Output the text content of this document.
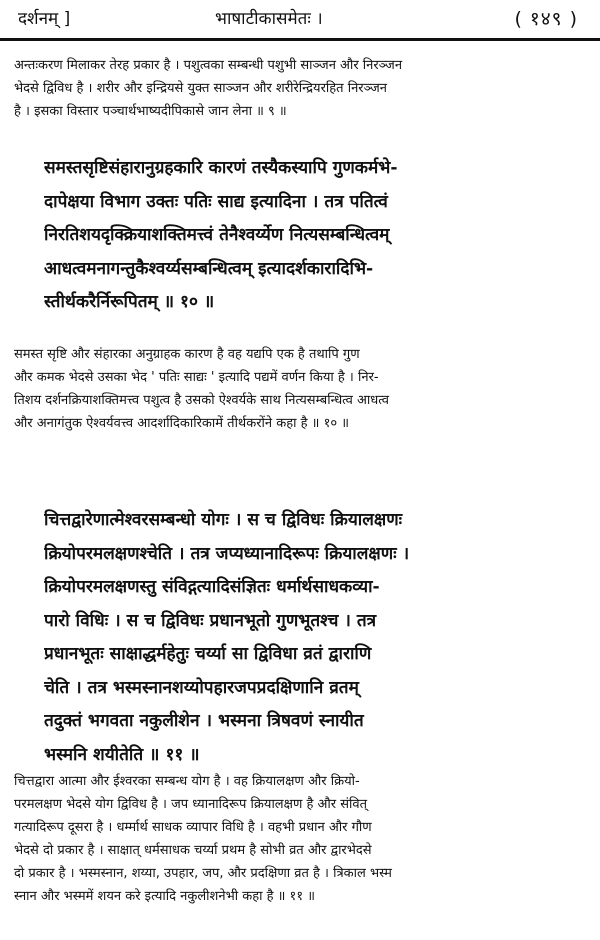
दर्शनम् ]	भाषाटीकासमेतः ।	( १४९ )
अन्तःकरण मिलाकर तेरह प्रकार है । पशुत्वका सम्बन्धी पशुभी साञ्जन और निरञ्जन
भेदसे द्विविध है । शरीर और इन्द्रियसे युक्त साञ्जन और शरीरेन्द्रियरहित निरञ्जन
है । इसका विस्तार पञ्चार्थभाष्यदीपिकासे जान लेना ॥ ९ ॥
समस्तसृष्टिसंहारानुग्रहकारि कारणं तस्यैकस्यापि गुणकर्मभे-
दापेक्षया विभाग उक्तः पतिः साद्य इत्यादिना । तत्र पतित्वं
निरतिशयदृक्क्रियाशक्तिमत्त्वं तेनैश्वर्य्येण नित्यसम्बन्धित्वम्
आधत्वमनागन्तुकैश्वर्य्यसम्बन्धित्वम् इत्यादर्शकारादिभि-
स्तीर्थकरैर्निरूपितम् ॥ १० ॥
समस्त सृष्टि और संहारका अनुग्राहक कारण है वह यद्यपि एक है तथापि गुण
और कमक भेदसे उसका भेद ' पतिः साद्यः ' इत्यादि पद्यमें वर्णन किया है । निर-
तिशय दर्शनक्रियाशक्तिमत्त्व पशुत्व है उसको ऐश्वर्यके साथ नित्यसम्बन्धित्व आधत्व
और अनागंतुक ऐश्वर्यवत्त्व आदर्शादिकारिकामें तीर्थकरोंने कहा है ॥ १० ॥
चित्तद्वारेणात्मेश्वरसम्बन्धो योगः । स च द्विविधः क्रियालक्षणः
क्रियोपरमलक्षणश्चेति । तत्र जप्यध्यानादिरूपः क्रियालक्षणः ।
क्रियोपरमलक्षणस्तु संविद्गत्यादिसंज्ञितः धर्मार्थसाधकव्या-
पारो विधिः । स च द्विविधः प्रधानभूतो गुणभूतश्च । तत्र
प्रधानभूतः साक्षाद्धर्महेतुः चर्य्या सा द्विविधा व्रतं द्वाराणि
चेति । तत्र भस्मस्नानशय्योपहारजपप्रदक्षिणानि व्रतम्
तदुक्तं भगवता नकुलीशेन । भस्मना त्रिषवणं स्नायीत
भस्मनि शयीतेति ॥ ११ ॥
चित्तद्वारा आत्मा और ईश्वरका सम्बन्ध योग है । वह क्रियालक्षण और क्रियो-
परमलक्षण भेदसे योग द्विविध है । जप ध्यानादिरूप क्रियालक्षण है और संवित्
गत्यादिरूप दूसरा है । धर्म्मार्थ साधक व्यापार विधि है । वहभी प्रधान और गौण
भेदसे दो प्रकार है । साक्षात् धर्मसाधक चर्य्या प्रथम है सोभी व्रत और द्वारभेदसे
दो प्रकार है । भस्मस्नान, शय्या, उपहार, जप, और प्रदक्षिणा व्रत है । त्रिकाल भस्म
स्नान और भस्ममें शयन करे इत्यादि नकुलीशनेभी कहा है ॥ ११ ॥
